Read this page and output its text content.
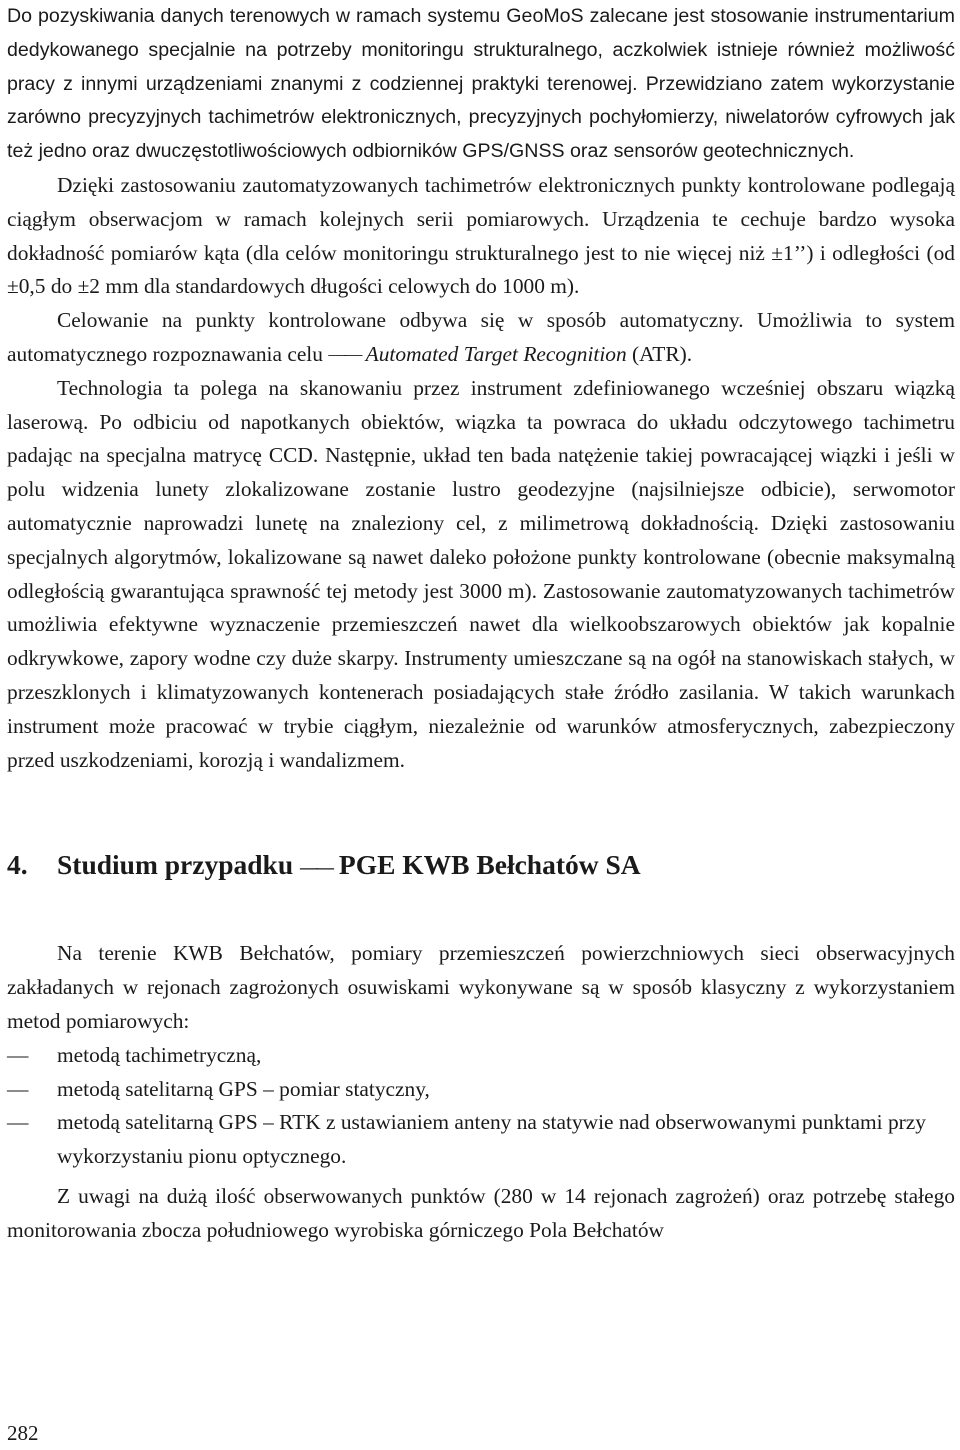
Do pozyskiwania danych terenowych w ramach systemu GeoMoS zalecane jest stosowanie instrumentarium dedykowanego specjalnie na potrzeby monitoringu strukturalnego, aczkolwiek istnieje również możliwość pracy z innymi urządzeniami znanymi z codziennej praktyki terenowej. Przewidziano zatem wykorzystanie zarówno precyzyjnych tachimetrów elektronicznych, precyzyjnych pochyłomierzy, niwelatorów cyfrowych jak też jedno oraz dwuczęstotliwościowych odbiorników GPS/GNSS oraz sensorów geotechnicznych.

Dzięki zastosowaniu zautomatyzowanych tachimetrów elektronicznych punkty kontrolowane podlegają ciągłym obserwacjom w ramach kolejnych serii pomiarowych. Urządzenia te cechuje bardzo wysoka dokładność pomiarów kąta (dla celów monitoringu strukturalnego jest to nie więcej niż ±1’’) i odległości (od ±0,5 do ±2 mm dla standardowych długości celowych do 1000 m).

Celowanie na punkty kontrolowane odbywa się w sposób automatyczny. Umożliwia to system automatycznego rozpoznawania celu —— Automated Target Recognition (ATR).

Technologia ta polega na skanowaniu przez instrument zdefiniowanego wcześniej obszaru wiązką laserową. Po odbiciu od napotkanych obiektów, wiązka ta powraca do układu odczytowego tachimetru padając na specjalna matrycę CCD. Następnie, układ ten bada natężenie takiej powracającej wiązki i jeśli w polu widzenia lunety zlokalizowane zostanie lustro geodezyjne (najsilniejsze odbicie), serwomotor automatycznie naprowadzi lunetę na znaleziony cel, z milimetrową dokładnością. Dzięki zastosowaniu specjalnych algorytmów, lokalizowane są nawet daleko położone punkty kontrolowane (obecnie maksymalną odległością gwarantująca sprawność tej metody jest 3000 m). Zastosowanie zautomatyzowanych tachimetrów umożliwia efektywne wyznaczenie przemieszczeń nawet dla wielkoobszarowych obiektów jak kopalnie odkrywkowe, zapory wodne czy duże skarpy. Instrumenty umieszczane są na ogół na stanowiskach stałych, w przeszklonych i klimatyzowanych kontenerach posiadających stałe źródło zasilania. W takich warunkach instrument może pracować w trybie ciągłym, niezależnie od warunków atmosferycznych, zabezpieczony przed uszkodzeniami, korozją i wandalizmem.

4. Studium przypadku —— PGE KWB Bełchatów SA

Na terenie KWB Bełchatów, pomiary przemieszczeń powierzchniowych sieci obserwacyjnych zakładanych w rejonach zagrożonych osuwiskami wykonywane są w sposób klasyczny z wykorzystaniem metod pomiarowych:

— metodą tachimetryczną,
— metodą satelitarną GPS – pomiar statyczny,
— metodą satelitarną GPS – RTK z ustawianiem anteny na statywie nad obserwowanymi punktami przy wykorzystaniu pionu optycznego.

Z uwagi na dużą ilość obserwowanych punktów (280 w 14 rejonach zagrożeń) oraz potrzebę stałego monitorowania zbocza południowego wyrobiska górniczego Pola Bełchatów

282
